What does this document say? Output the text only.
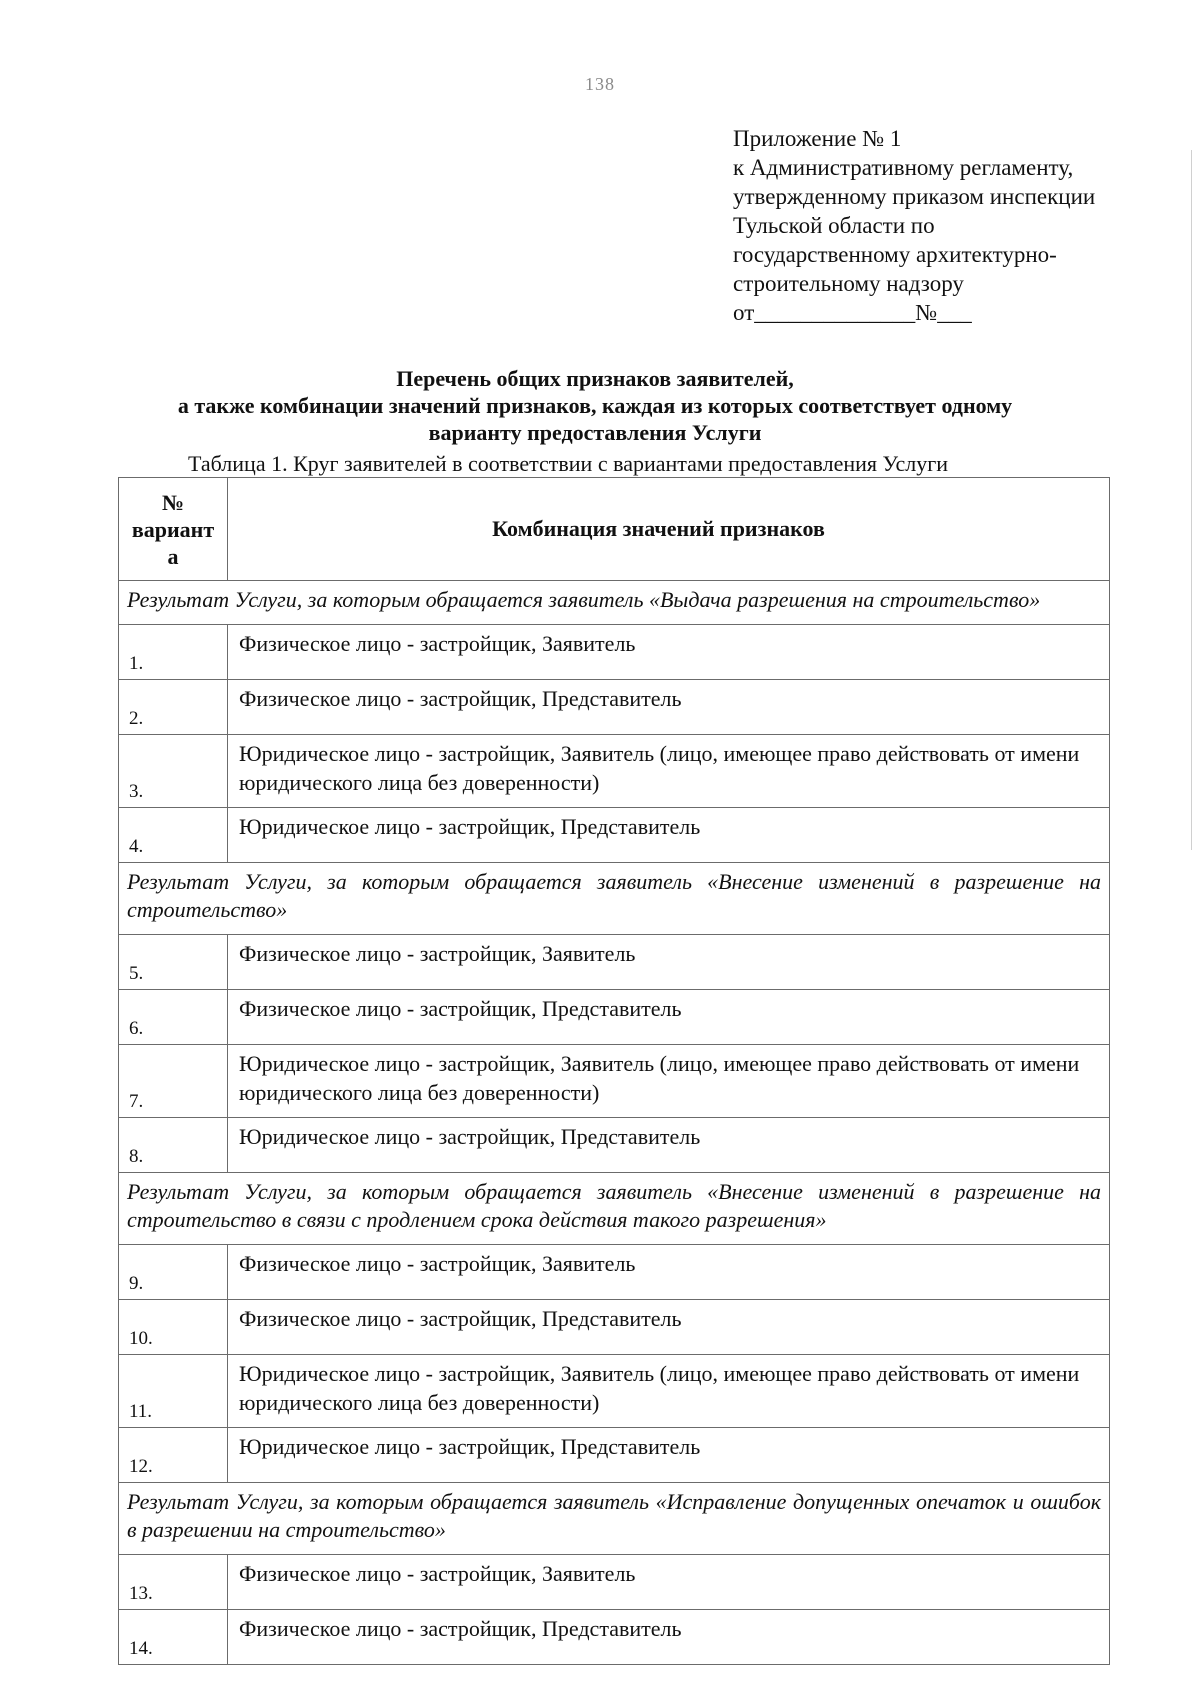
138
Приложение № 1
к Административному регламенту,
утвержденному приказом инспекции
Тульской области по
государственному архитектурно-
строительному надзору
от______________№___
Перечень общих признаков заявителей,
а также комбинации значений признаков, каждая из которых соответствует одному
варианту предоставления Услуги
Таблица 1. Круг заявителей в соответствии с вариантами предоставления Услуги
№
вариант
а	Комбинация значений признаков
Результат Услуги, за которым обращается заявитель «Выдача разрешения на строительство»	
1.	Физическое лицо - застройщик, Заявитель
2.	Физическое лицо - застройщик, Представитель
3.	Юридическое лицо - застройщик, Заявитель (лицо, имеющее право действовать от имени юридического лица без доверенности)
4.	Юридическое лицо - застройщик, Представитель
Результат Услуги, за которым обращается заявитель «Внесение изменений в разрешение на строительство»	
5.	Физическое лицо - застройщик, Заявитель
6.	Физическое лицо - застройщик, Представитель
7.	Юридическое лицо - застройщик, Заявитель (лицо, имеющее право действовать от имени юридического лица без доверенности)
8.	Юридическое лицо - застройщик, Представитель
Результат Услуги, за которым обращается заявитель «Внесение изменений в разрешение на строительство в связи с продлением срока действия такого разрешения»	
9.	Физическое лицо - застройщик, Заявитель
10.	Физическое лицо - застройщик, Представитель
11.	Юридическое лицо - застройщик, Заявитель (лицо, имеющее право действовать от имени юридического лица без доверенности)
12.	Юридическое лицо - застройщик, Представитель
Результат Услуги, за которым обращается заявитель «Исправление допущенных опечаток и ошибок в разрешении на строительство»	
13.	Физическое лицо - застройщик, Заявитель
14.	Физическое лицо - застройщик, Представитель
